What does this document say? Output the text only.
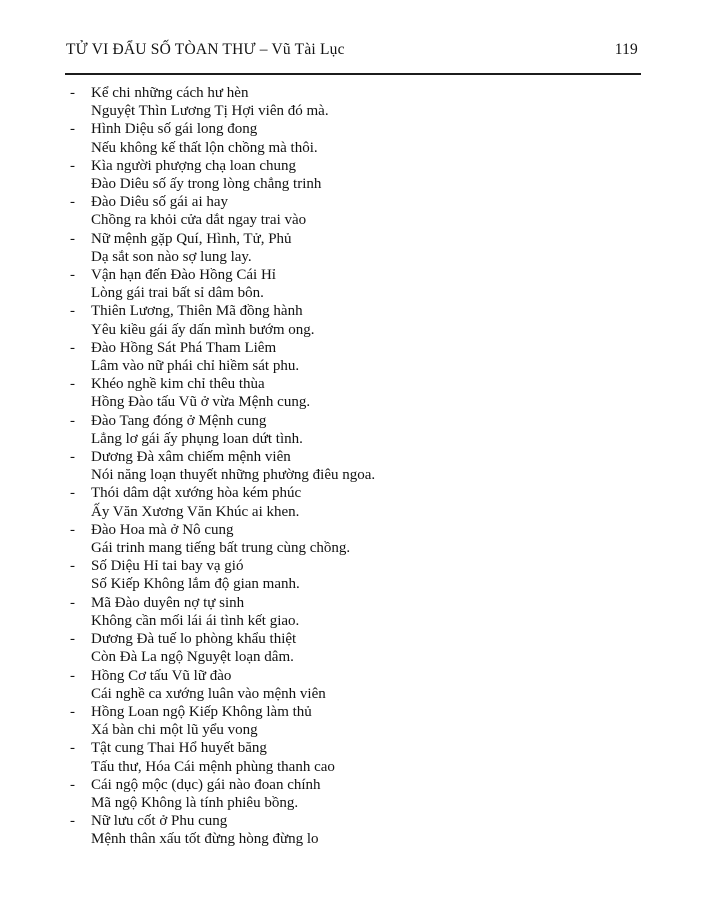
TỬ VI ĐẨU SỐ TÒAN THƯ – Vũ Tài Lục	119
-	Kể chi những cách hư hèn
Nguyệt Thìn Lương Tị Hợi viên đó mà.
-	Hình Diệu số gái long đong
Nếu không kế thất lộn chồng mà thôi.
-	Kìa người phượng chạ loan chung
Đào Diêu số ấy trong lòng chẳng trinh
-	Đào Diêu số gái ai hay
Chồng ra khỏi cửa dắt ngay trai vào
-	Nữ mệnh gặp Quí, Hình, Tử, Phủ
Dạ sắt son nào sợ lung lay.
-	Vận hạn đến Đào Hồng Cái Hỉ
Lòng gái trai bất sỉ dâm bôn.
-	Thiên Lương, Thiên Mã đồng hành
Yêu kiều gái ấy dấn mình bướm ong.
-	Đào Hồng Sát Phá Tham Liêm
Lâm vào nữ phái chỉ hiềm sát phu.
-	Khéo nghề kim chỉ thêu thùa
Hồng Đào tấu Vũ ở vừa Mệnh cung.
-	Đào Tang đóng ở Mệnh cung
Lẳng lơ gái ấy phụng loan dứt tình.
-	Dương Đà xâm chiếm mệnh viên
Nói năng loạn thuyết những phường điêu ngoa.
-	Thói dâm dật xướng hòa kém phúc
Ấy Văn Xương Văn Khúc ai khen.
-	Đào Hoa mà ở Nô cung
Gái trinh mang tiếng bất trung cùng chồng.
-	Số Diệu Hỉ tai bay vạ gió
Số Kiếp Không lắm độ gian manh.
-	Mã Đào duyên nợ tự sinh
Không cần mối lái ái tình kết giao.
-	Dương Đà tuế lo phòng khẩu thiệt
Còn Đà La ngộ Nguyệt loạn dâm.
-	Hồng Cơ tấu Vũ lữ đào
Cái nghề ca xướng luân vào mệnh viên
-	Hồng Loan ngộ Kiếp Không làm thủ
Xá bàn chi một lũ yểu vong
-	Tật cung Thai Hổ huyết băng
Tấu thư, Hóa Cái mệnh phùng thanh cao
-	Cái ngộ mộc (dục) gái nào đoan chính
Mã ngộ Không là tính phiêu bồng.
-	Nữ lưu cốt ở Phu cung
Mệnh thân xấu tốt đừng hòng đừng lo
